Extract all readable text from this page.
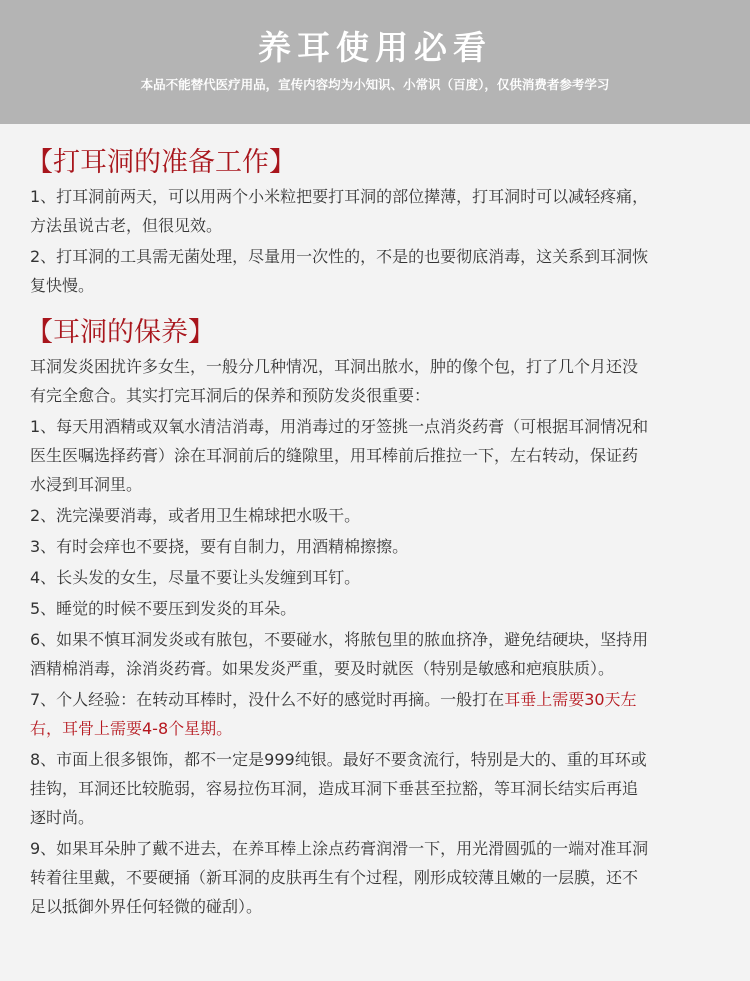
养耳使用必看
本品不能替代医疗用品，宣传内容均为小知识、小常识（百度），仅供消费者参考学习
【打耳洞的准备工作】
1、打耳洞前两天，可以用两个小米粒把要打耳洞的部位撵薄，打耳洞时可以减轻疼痛，
方法虽说古老，但很见效。
2、打耳洞的工具需无菌处理，尽量用一次性的，不是的也要彻底消毒，这关系到耳洞恢
复快慢。
【耳洞的保养】
耳洞发炎困扰许多女生，一般分几种情况，耳洞出脓水，肿的像个包，打了几个月还没
有完全愈合。其实打完耳洞后的保养和预防发炎很重要：
1、每天用酒精或双氧水清洁消毒，用消毒过的牙签挑一点消炎药膏（可根据耳洞情况和
医生医嘱选择药膏）涂在耳洞前后的缝隙里，用耳棒前后推拉一下，左右转动，保证药
水浸到耳洞里。
2、洗完澡要消毒，或者用卫生棉球把水吸干。
3、有时会痒也不要挠，要有自制力，用酒精棉擦擦。
4、长头发的女生，尽量不要让头发缠到耳钉。
5、睡觉的时候不要压到发炎的耳朵。
6、如果不慎耳洞发炎或有脓包，不要碰水，将脓包里的脓血挤净，避免结硬块，坚持用
酒精棉消毒，涂消炎药膏。如果发炎严重，要及时就医（特别是敏感和疤痕肤质）。
7、个人经验：在转动耳棒时，没什么不好的感觉时再摘。一般打在耳垂上需要30天左
右，耳骨上需要4-8个星期。
8、市面上很多银饰，都不一定是999纯银。最好不要贪流行，特别是大的、重的耳环或
挂钩，耳洞还比较脆弱，容易拉伤耳洞，造成耳洞下垂甚至拉豁，等耳洞长结实后再追
逐时尚。
9、如果耳朵肿了戴不进去，在养耳棒上涂点药膏润滑一下，用光滑圆弧的一端对准耳洞
转着往里戴，不要硬捅（新耳洞的皮肤再生有个过程，刚形成较薄且嫩的一层膜，还不
足以抵御外界任何轻微的碰刮）。
